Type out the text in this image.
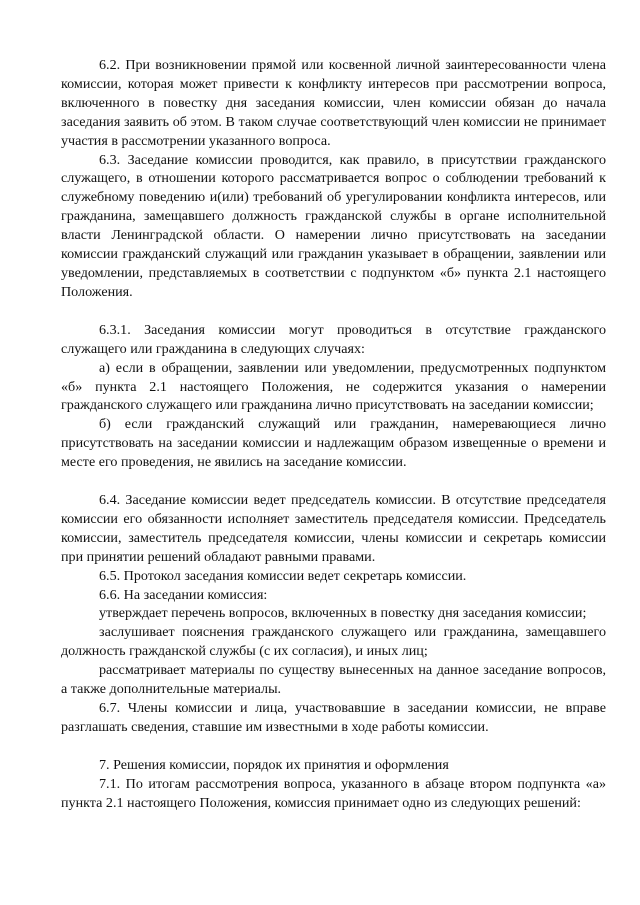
6.2. При возникновении прямой или косвенной личной заинтересованности члена комиссии, которая может привести к конфликту интересов при рассмотрении вопроса, включенного в повестку дня заседания комиссии, член комиссии обязан до начала заседания заявить об этом. В таком случае соответствующий член комиссии не принимает участия в рассмотрении указанного вопроса.

6.3. Заседание комиссии проводится, как правило, в присутствии гражданского служащего, в отношении которого рассматривается вопрос о соблюдении требований к служебному поведению и(или) требований об урегулировании конфликта интересов, или гражданина, замещавшего должность гражданской службы в органе исполнительной власти Ленинградской области. О намерении лично присутствовать на заседании комиссии гражданский служащий или гражданин указывает в обращении, заявлении или уведомлении, представляемых в соответствии с подпунктом «б» пункта 2.1 настоящего Положения.

6.3.1. Заседания комиссии могут проводиться в отсутствие гражданского служащего или гражданина в следующих случаях:

а) если в обращении, заявлении или уведомлении, предусмотренных подпунктом «б» пункта 2.1 настоящего Положения, не содержится указания о намерении гражданского служащего или гражданина лично присутствовать на заседании комиссии;

б) если гражданский служащий или гражданин, намеревающиеся лично присутствовать на заседании комиссии и надлежащим образом извещенные о времени и месте его проведения, не явились на заседание комиссии.

6.4. Заседание комиссии ведет председатель комиссии. В отсутствие председателя комиссии его обязанности исполняет заместитель председателя комиссии. Председатель комиссии, заместитель председателя комиссии, члены комиссии и секретарь комиссии при принятии решений обладают равными правами.

6.5. Протокол заседания комиссии ведет секретарь комиссии.

6.6. На заседании комиссия:

утверждает перечень вопросов, включенных в повестку дня заседания комиссии;

заслушивает пояснения гражданского служащего или гражданина, замещавшего должность гражданской службы (с их согласия), и иных лиц;

рассматривает материалы по существу вынесенных на данное заседание вопросов, а также дополнительные материалы.

6.7. Члены комиссии и лица, участвовавшие в заседании комиссии, не вправе разглашать сведения, ставшие им известными в ходе работы комиссии.

7. Решения комиссии, порядок их принятия и оформления

7.1. По итогам рассмотрения вопроса, указанного в абзаце втором подпункта «а» пункта 2.1 настоящего Положения, комиссия принимает одно из следующих решений:
